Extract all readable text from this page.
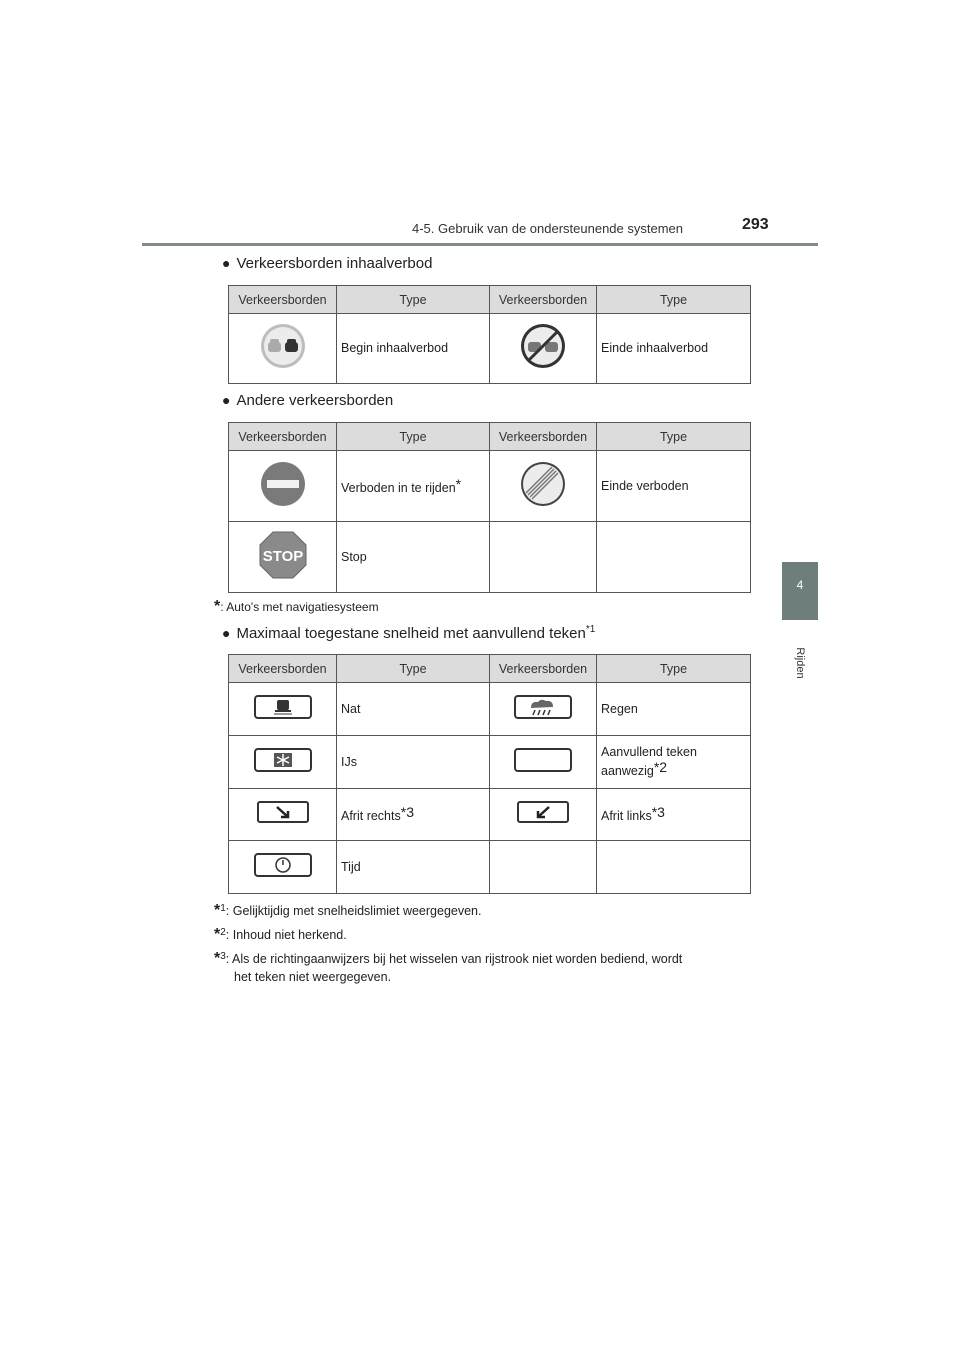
4-5. Gebruik van de ondersteunende systemen	293
4
Rijden
● Verkeersborden inhaalverbod
Verkeersborden	Type	Verkeersborden	Type
	Begin inhaalverbod		Einde inhaalverbod
● Andere verkeersborden
Verkeersborden	Type	Verkeersborden	Type
	Verboden in te rijden*		Einde verboden

STOP	Stop		
*: Auto's met navigatiesysteem
● Maximaal toegestane snelheid met aanvullend teken$^{*1}$
Verkeersborden	Type	Verkeersborden	Type
	Nat		Regen
	IJs		Aanvullend teken
aanwezig*2
	Afrit rechts*3		Afrit links*3
	Tijd		
*$^1$: Gelijktijdig met snelheidslimiet weergegeven.
*$^2$: Inhoud niet herkend.
*$^3$: Als de richtingaanwijzers bij het wisselen van rijstrook niet worden bediend, wordt
het teken niet weergegeven.
